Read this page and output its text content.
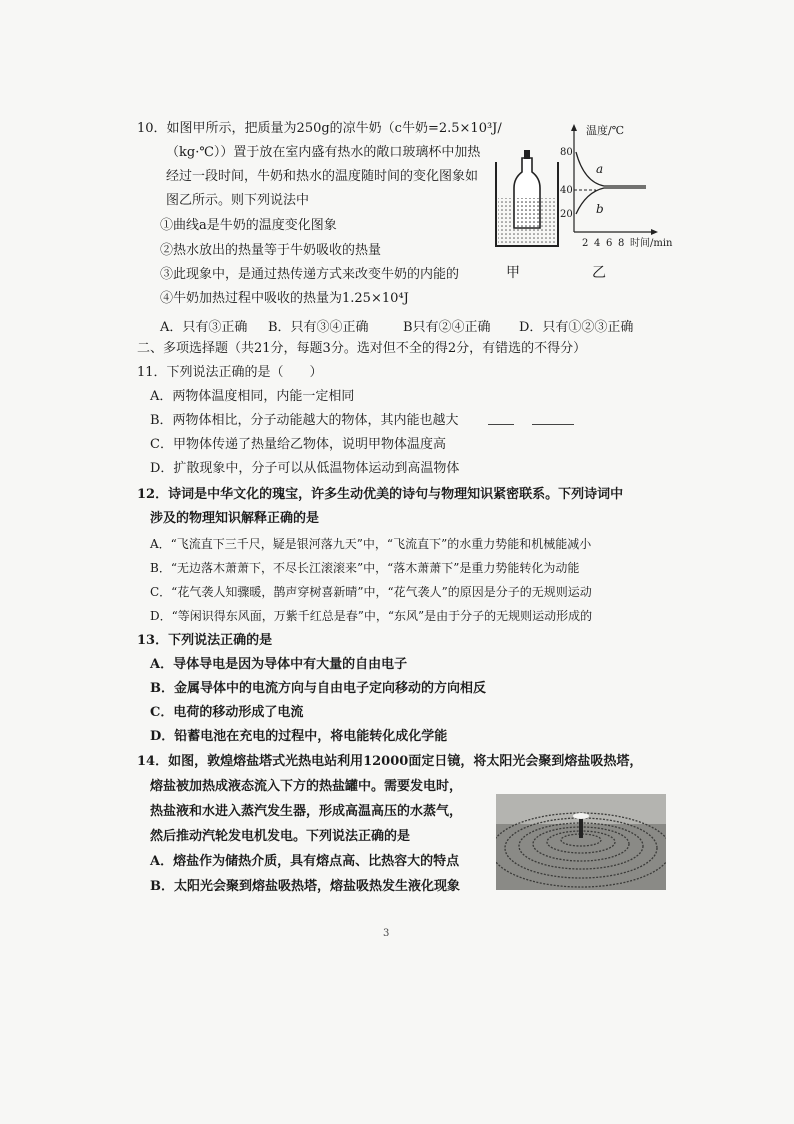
10．如图甲所示，把质量为250g的凉牛奶（c牛奶=2.5×10³J/
（kg·℃））置于放在室内盛有热水的敞口玻璃杯中加热
经过一段时间，牛奶和热水的温度随时间的变化图象如
图乙所示。则下列说法中
①曲线a是牛奶的温度变化图象
②热水放出的热量等于牛奶吸收的热量
③此现象中，是通过热传递方式来改变牛奶的内能的
④牛奶加热过程中吸收的热量为1.25×10⁴J
A．只有③正确 B．只有③④正确	B只有②④正确 D．只有①②③正确
甲
温度/℃
80
40
20
2 4 6 8 时间/min
a
b
乙
二、多项选择题（共21分，每题3分。选对但不全的得2分，有错选的不得分）
11．下列说法正确的是（　　）
A．两物体温度相同，内能一定相同
B．两物体相比，分子动能越大的物体，其内能也越大
C．甲物体传递了热量给乙物体，说明甲物体温度高
D．扩散现象中，分子可以从低温物体运动到高温物体
12．诗词是中华文化的瑰宝，许多生动优美的诗句与物理知识紧密联系。下列诗词中
涉及的物理知识解释正确的是
A．“飞流直下三千尺，疑是银河落九天”中，“飞流直下”的水重力势能和机械能减小
B．“无边落木萧萧下，不尽长江滚滚来”中，“落木萧萧下”是重力势能转化为动能
C．“花气袭人知骤暖，鹊声穿树喜新晴”中，“花气袭人”的原因是分子的无规则运动
D．“等闲识得东风面，万紫千红总是春”中，“东风”是由于分子的无规则运动形成的
13．下列说法正确的是
A．导体导电是因为导体中有大量的自由电子
B．金属导体中的电流方向与自由电子定向移动的方向相反
C．电荷的移动形成了电流
D．铅蓄电池在充电的过程中，将电能转化成化学能
14．如图，敦煌熔盐塔式光热电站利用12000面定日镜，将太阳光会聚到熔盐吸热塔，
熔盐被加热成液态流入下方的热盐罐中。需要发电时，
热盐液和水进入蒸汽发生器，形成高温高压的水蒸气，
然后推动汽轮发电机发电。下列说法正确的是
A．熔盐作为储热介质，具有熔点高、比热容大的特点
B．太阳光会聚到熔盐吸热塔，熔盐吸热发生液化现象
3
